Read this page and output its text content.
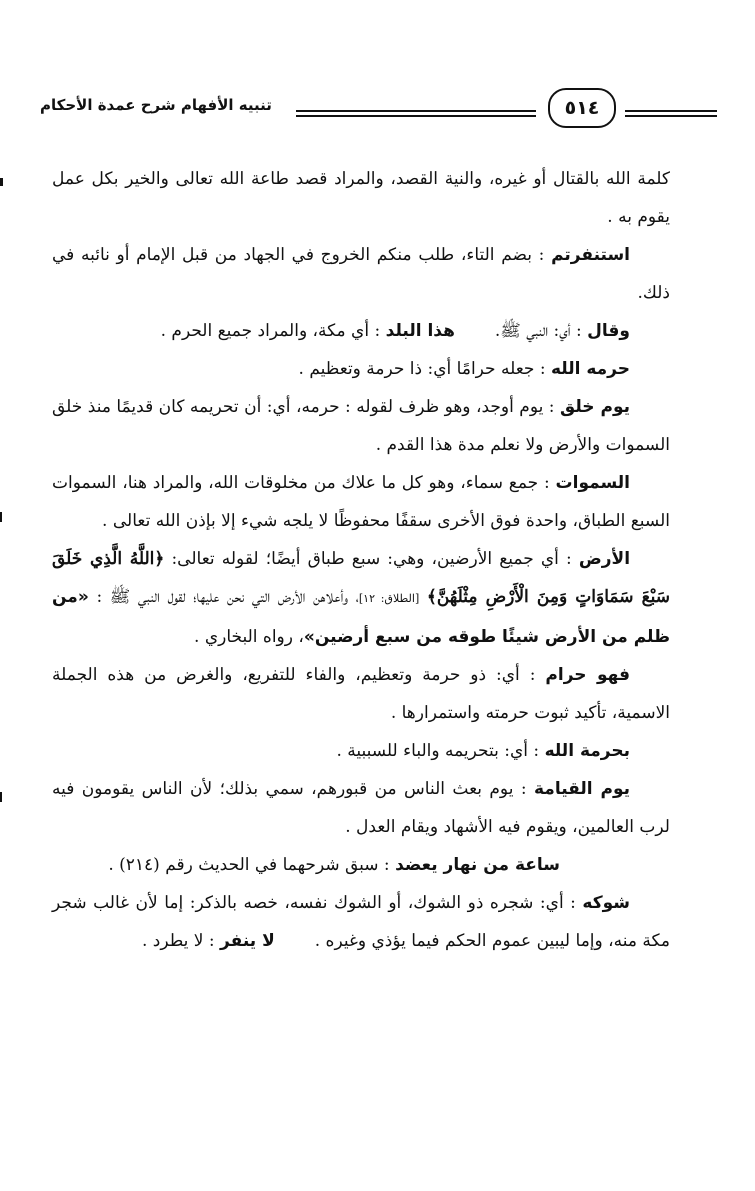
تنبيه الأفهام شرح عمدة الأحكام	٥١٤

كلمة الله بالقتال أو غيره، والنية القصد، والمراد قصد طاعة الله تعالى والخير بكل عمل يقوم به .

استنفرتم : بضم التاء، طلب منكم الخروج في الجهاد من قبل الإمام أو نائبه في ذلك.

وقال : أي: النبي ﷺ.هذا البلد : أي مكة، والمراد جميع الحرم .

حرمه الله : جعله حرامًا أي: ذا حرمة وتعظيم .

يوم خلق : يوم أوجد، وهو ظرف لقوله : حرمه، أي: أن تحريمه كان قديمًا منذ خلق السموات والأرض ولا نعلم مدة هذا القدم .

السموات : جمع سماء، وهو كل ما علاك من مخلوقات الله، والمراد هنا، السموات السبع الطباق، واحدة فوق الأخرى سقفًا محفوظًا لا يلجه شيء إلا بإذن الله تعالى .

الأرض : أي جميع الأرضين، وهي: سبع طباق أيضًا؛ لقوله تعالى: ﴿اللَّهُ الَّذِي خَلَقَ سَبْعَ سَمَاوَاتٍ وَمِنَ الْأَرْضِ مِثْلَهُنَّ﴾ [الطلاق: ١٢]، وأعلاهن الأرض التي نحن عليها؛ لقول النبي ﷺ : «من ظلم من الأرض شيئًا طوقه من سبع أرضين»، رواه البخاري .

فهو حرام : أي: ذو حرمة وتعظيم، والفاء للتفريع، والغرض من هذه الجملة الاسمية، تأكيد ثبوت حرمته واستمرارها .

بحرمة الله : أي: بتحريمه والباء للسببية .

يوم القيامة : يوم بعث الناس من قبورهم، سمي بذلك؛ لأن الناس يقومون فيه لرب العالمين، ويقوم فيه الأشهاد ويقام العدل .

ساعة من نهار يعضد : سبق شرحهما في الحديث رقم (٢١٤) .

شوكه : أي: شجره ذو الشوك، أو الشوك نفسه، خصه بالذكر: إما لأن غالب شجر مكة منه، وإما ليبين عموم الحكم فيما يؤذي وغيره .لا ينفر : لا يطرد .
